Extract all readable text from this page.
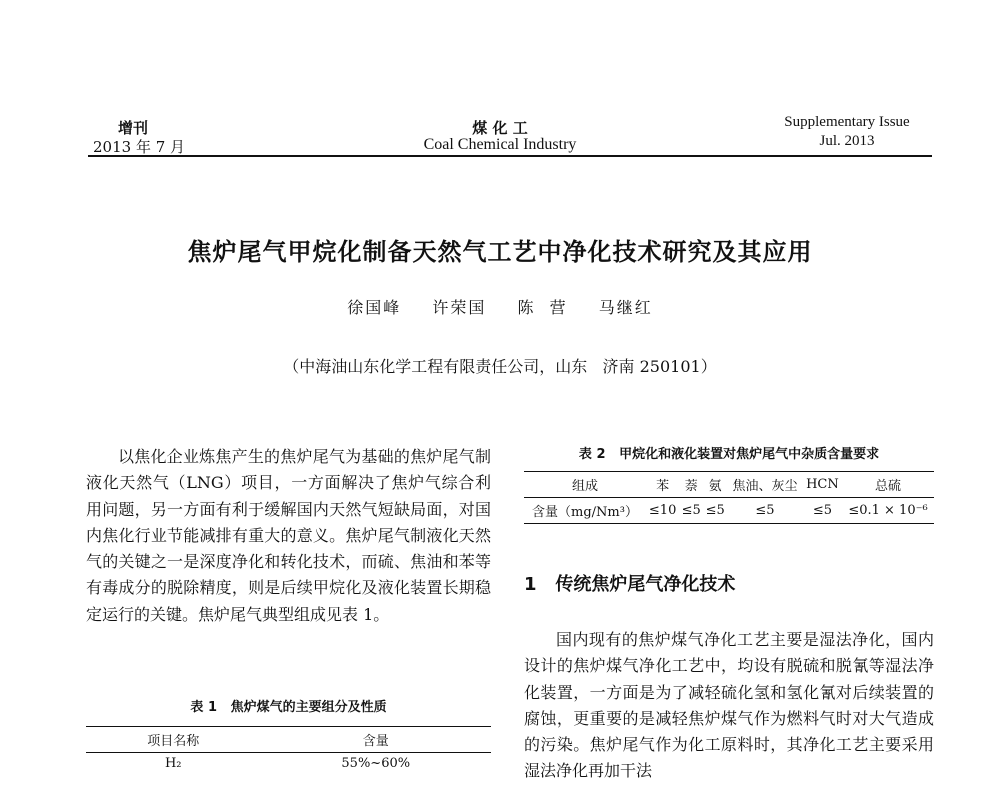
增刊
2013 年 7 月
煤 化 工
Coal Chemical Industry
Supplementary Issue
Jul. 2013
焦炉尾气甲烷化制备天然气工艺中净化技术研究及其应用
徐国峰 许荣国 陈  营 马继红
（中海油山东化学工程有限责任公司，山东   济南 250101）

以焦化企业炼焦产生的焦炉尾气为基础的焦炉尾气制液化天然气（LNG）项目，一方面解决了焦炉气综合利用问题，另一方面有利于缓解国内天然气短缺局面，对国内焦化行业节能减排有重大的意义。焦炉尾气制液化天然气的关键之一是深度净化和转化技术，而硫、焦油和苯等有毒成分的脱除精度，则是后续甲烷化及液化装置长期稳定运行的关键。焦炉尾气典型组成见表 1。

表 1   焦炉煤气的主要组分及性质
项目名称	含量
H₂	55%~60%
表 2   甲烷化和液化装置对焦炉尾气中杂质含量要求
组成	苯	萘	氨	焦油、灰尘	HCN	总硫
含量（mg/Nm³）	≤10	≤5	≤5	≤5	≤5	≤0.1 × 10⁻⁶
1   传统焦炉尾气净化技术

国内现有的焦炉煤气净化工艺主要是湿法净化，国内设计的焦炉煤气净化工艺中，均设有脱硫和脱氰等湿法净化装置，一方面是为了减轻硫化氢和氢化氰对后续装置的腐蚀，更重要的是减轻焦炉煤气作为燃料气时对大气造成的污染。焦炉尾气作为化工原料时，其净化工艺主要采用湿法净化再加干法
